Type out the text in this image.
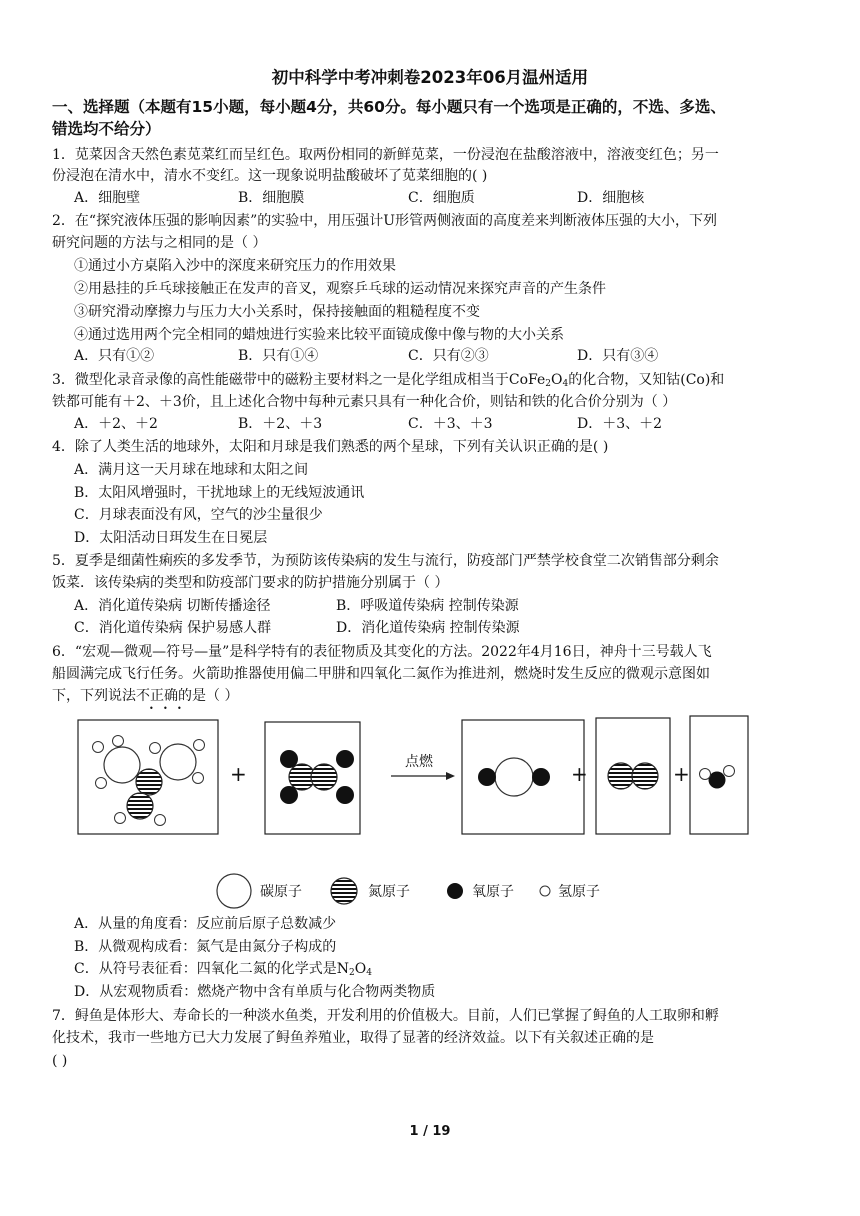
初中科学中考冲刺卷2023年06月温州适用
一、选择题（本题有15小题，每小题4分，共60分。每小题只有一个选项是正确的，不选、多选、
错选均不给分）
1．苋菜因含天然色素苋菜红而呈红色。取两份相同的新鲜苋菜，一份浸泡在盐酸溶液中，溶液变红色；另一
份浸泡在清水中，清水不变红。这一现象说明盐酸破坏了苋菜细胞的( )
A．细胞壁	B．细胞膜	C．细胞质	D．细胞核
2．在“探究液体压强的影响因素”的实验中，用压强计U形管两侧液面的高度差来判断液体压强的大小，下列
研究问题的方法与之相同的是（ ）
①通过小方桌陷入沙中的深度来研究压力的作用效果
②用悬挂的乒乓球接触正在发声的音叉，观察乒乓球的运动情况来探究声音的产生条件
③研究滑动摩擦力与压力大小关系时，保持接触面的粗糙程度不变
④通过选用两个完全相同的蜡烛进行实验来比较平面镜成像中像与物的大小关系
A．只有①②	B．只有①④	C．只有②③	D．只有③④
3．微型化录音录像的高性能磁带中的磁粉主要材料之一是化学组成相当于$CoFe_2O_4$的化合物，又知钴(Co)和
铁都可能有＋2、＋3价，且上述化合物中每种元素只具有一种化合价，则钴和铁的化合价分别为（ ）
A．＋2、＋2	B．＋2、＋3	C．＋3、＋3	D．＋3、＋2
4．除了人类生活的地球外，太阳和月球是我们熟悉的两个星球，下列有关认识正确的是( )
A．满月这一天月球在地球和太阳之间
B．太阳风增强时，干扰地球上的无线短波通讯
C．月球表面没有风，空气的沙尘量很少
D．太阳活动日珥发生在日冕层
5．夏季是细菌性痢疾的多发季节，为预防该传染病的发生与流行，防疫部门严禁学校食堂二次销售部分剩余
饭菜．该传染病的类型和防疫部门要求的防护措施分别属于（ ）
A．消化道传染病 切断传播途径	B．呼吸道传染病 控制传染源
C．消化道传染病 保护易感人群	D．消化道传染病 控制传染源
6．“宏观—微观—符号—量”是科学特有的表征物质及其变化的方法。2022年4月16日，神舟十三号载人飞
船圆满完成飞行任务。火箭助推器使用偏二甲肼和四氧化二氮作为推进剂，燃烧时发生反应的微观示意图如
下，下列说法不正确的是（ ）
• • •
+	点燃	+	+
碳原子	氮原子	氧原子	氢原子
A．从量的角度看：反应前后原子总数减少
B．从微观构成看：氮气是由氮分子构成的
C．从符号表征看：四氧化二氮的化学式是$N_2O_4$
D．从宏观物质看：燃烧产物中含有单质与化合物两类物质
7．鲟鱼是体形大、寿命长的一种淡水鱼类，开发利用的价值极大。目前，人们已掌握了鲟鱼的人工取卵和孵
化技术，我市一些地方已大力发展了鲟鱼养殖业，取得了显著的经济效益。以下有关叙述正确的是
( )
1 / 19
